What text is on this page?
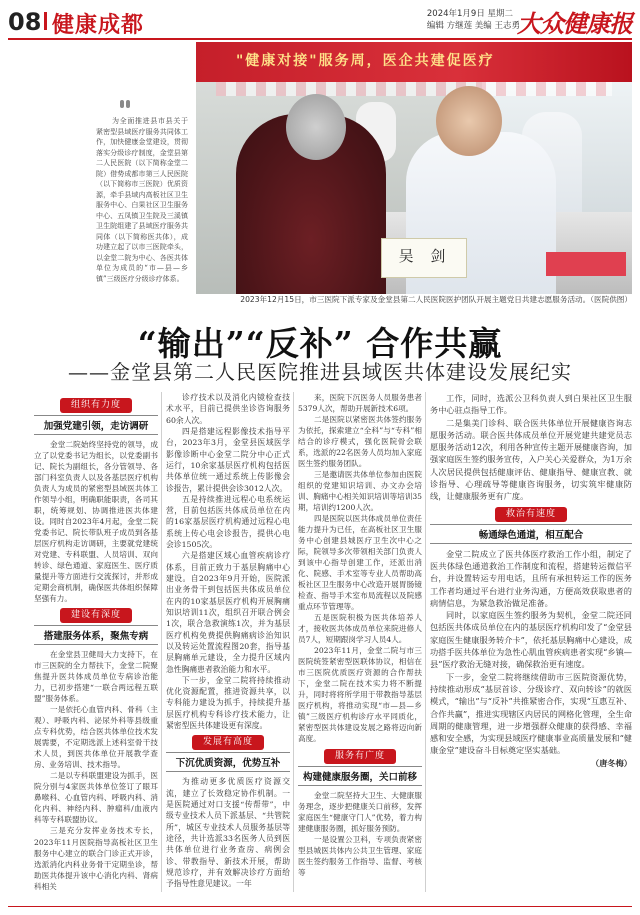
08 健康成都	2024年1月9日 星期二
编辑 方继莲 美编 王志勇
大众健康报
"健康对接"服务周，医企共建促医疗
吴 剑
2023年12月15日，市三医院下派专家及金堂县第二人民医院医护团队开展主题党日共建志愿服务活动。（医院供图）

为全面推进县市县关于紧密型县域医疗服务共同体工作，加快健康金堂建设，贯彻落实分级诊疗制度，金堂县第二人民医院（以下简称金堂二院）借势成都市第三人民医院（以下简称市三医院）优质资源，牵手县域内高板社区卫生服务中心、白果社区卫生服务中心、五凤镇卫生院及三溪镇卫生院组建了县域医疗服务共同体（以下简称医共体），成功建立起了以市三医院牵头，以金堂二院为中心、各医共体单位为成员的“市—县—乡镇”三级医疗分级诊疗体系。

“输出”“反补” 合作共赢
——金堂县第二人民医院推进县域医共体建设发展纪实
组织有力度
加强党建引领，走访调研

金堂二院始终坚持党的领导，成立了以党委书记为组长，以党委副书记、院长为副组长，各分管领导、各部门科室负责人以及各基层医疗机构负责人为成员的紧密型县域医共体工作领导小组，明确职能职责，各司其职，统筹规划、协调推进医共体建设。同时自2023年4月起，金堂二院党委书记、院长带队班子成员到各基层医疗机构走访调研，主要就党建统对党建、专科联盟、人员培训、双向转诊、绿色通道、家庭医生、医疗质量提升等方面进行交流探讨，并形成定期会商机制，确保医共体组织保障坚强有力。

建设有深度
搭建服务体系，聚焦专病

在金堂县卫健局大力支持下，在市三医院的全力帮扶下，金堂二院聚焦提升医共体成员单位专病诊治能力，已初步搭建“一联合两远程五联盟”服务体系。

一是依托心血管内科、骨科（主观）、呼吸内科、泌尿外科等县级重点专科优势，结合医共体单位技术发展需要，不定期选派上述科室骨干技术人员，到医共体单位开展教学查房、业务培训、技术指导。

二是以专科联盟建设为抓手，医院分别与4家医共体单位签订了眼耳鼻喉科、心血管内科、呼吸内科、消化内科、神经内科、肿瘤科/血液内科等专科联盟协议。

三是充分发挥业务技术专长，2023年11月医院指导高板社区卫生服务中心建立的联合门诊正式开诊，选派消化内科业务骨干定期坐诊，帮助医共体提升该中心消化内科、肾病科相关

诊疗技术以及消化内镜检查技术水平，目前已提供坐诊咨询服务60余人次。

四是搭建远程影像技术指导平台，2023年3月，金堂县医域医学影像诊断中心金堂二院分中心正式运行，10余家基层医疗机构包括医共体单位统一通过系统上传影像会诊报告，累计提供会诊3012人次。

五是持续推进远程心电系统运营，目前包括医共体成员单位在内的16家基层医疗机构通过远程心电系统上传心电会诊报告，提供心电会诊1505次。

六是搭建区域心血管疾病诊疗体系，目前正致力于基层胸痛中心建设。自2023年9月开始，医院派出业务骨干到包括医共体成员单位在内的10家基层医疗机构开展胸痛知识培训11次，组织召开联合例会1次，联合急救演练1次，并为基层医疗机构免费提供胸痛病诊治知识以及转运处置流程图20套，指导基层胸痛单元建设，全力提升区域内急性胸痛患者救治能力和水平。

下一步，金堂二院将持续推动优化资源配置，推进资源共享，以专科能力建设为抓手，持续提升基层医疗机构专科诊疗技术能力，让紧密型医共体建设更有深度。

发展有高度
下沉优质资源，优势互补

为推动更多优质医疗资源交流，建立了长效稳定协作机制。一是医院通过对口支援“传帮带”，中级专业技术人员下派基层、“共管院所”，城区专业技术人员服务基层等途径，共计选派33名医务人员到医共体单位进行业务查房、病例会诊、带教指导、新技术开展，帮助规范诊疗，并有效解决诊疗方面给予指导性意见建议。一年

来，医院下沉医务人员服务患者5379人次，帮助开展新技术6项。

二是医院以紧密医共体签约服务为依托，探索建立“全科”与“专科”相结合的诊疗模式，强化医院骨会联系，选派的22名医务人员均加入家庭医生签约服务团队。

三是邀请医共体单位参加由医院组织的党建知识培训、办文办会培训、胸痛中心相关知识培训等培训35期，培训约1200人次。

四是医院以医共体成员单位责任能力提升为已任，在高板社区卫生服务中心创建县城医疗卫生次中心之际，院领导多次带领相关部门负责人到该中心指导创建工作，还派出消化、院感、手术室等专业人员帮助高板社区卫生服务中心改造开展胃肠镜检查、指导手术室布局流程以及院感重点环节管理等。

五是医院积极为医共体培养人才，接收医共体成员单位来院进修人员7人，短期跟岗学习人员4人。

2023年11月，金堂二院与市三医院统签紧密型医联体协议，相信在市三医院优质医疗资源的合作帮扶下，金堂二院在技术实力将不断提升，同时将将所学用于带教指导基层医疗机构，将推动实现“市—县—乡镇”三级医疗机构诊疗水平同质化，紧密型医共体建设发展之路将迈向新高度。

服务有广度
构建健康服务圈，关口前移

金堂二院坚持大卫生、大健康服务理念，逐步把健康关口前移，发挥家庭医生“健康守门人”优势，着力构建健康服务圈，抓好服务预防。

一是设置公卫科，专项负责紧密型县城医共体内公共卫生管理、家庭医生签约服务工作指导、监督、考核等

工作，同时，选派公卫科负责人到白果社区卫生服务中心驻点指导工作。

二是集美门诊科、联合医共体单位开展健康咨询志愿服务活动。联合医共体成员单位开展党建共建党员志愿服务活动12次，利用各种宣传主题开展健康咨询，加强家庭医生签约服务宣传，入户关心关爱群众，为1万余人次居民提供包括健康评估、健康指导、健康宣教、就诊指导、心理疏导等健康咨询服务，切实筑牢健康防线，让健康服务更有广度。

救治有速度
畅通绿色通道，相互配合

金堂二院成立了医共体医疗救治工作小组，制定了医共体绿色通道救治工作制度和流程，搭建转运微信平台，并设置转运专用电话，且所有承担转运工作的医务工作者均通过平台进行业务沟通，方便高效获取患者的病情信息，为紧急救治做足准备。

同时，以家庭医生签约服务为契机，金堂二院还同包括医共体成员单位在内的基层医疗机构印发了“金堂县家庭医生健康服务转介卡”，依托基层胸痛中心建设，成功搭手医共体单位为急性心肌血管疾病患者实现“乡镇—县”医疗救治无缝对接，确保救治更有速度。

下一步，金堂二院将继续借助市三医院资源优势，持续推动形成“基层首诊、分级诊疗、双向转诊”的就医模式，“输出”与“反补”共推紧密合作，实现“互惠互补、合作共赢”，推进实现辖区内居民的网格化管理，全生命周期的健康管理，进一步增强群众健康的获得感、幸福感和安全感，为实现县域医疗健康事业高质量发展和“健康金堂”建设奋斗目标奠定坚实基础。

（唐冬梅）
